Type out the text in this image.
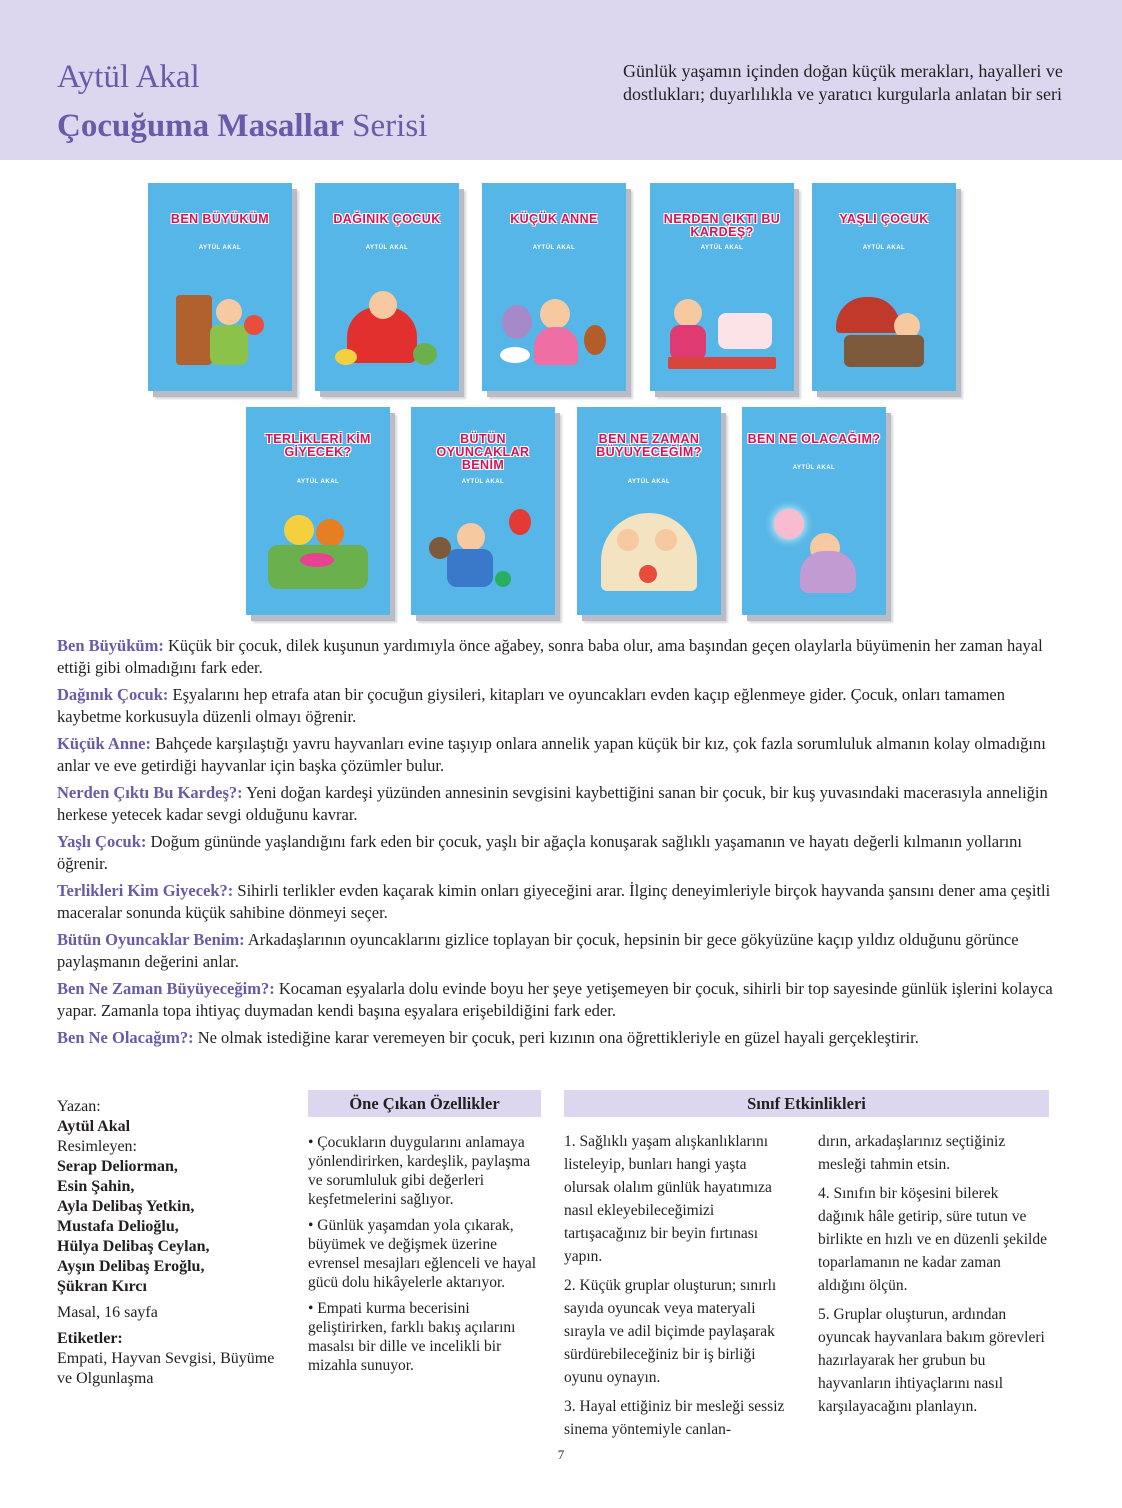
Aytül Akal
Çocuğuma Masallar Serisi
Günlük yaşamın içinden doğan küçük merakları, hayalleri ve dostlukları; duyarlılıkla ve yaratıcı kurgularla anlatan bir seri
BEN BÜYÜKÜM
AYTÜL AKAL
DAĞINIK ÇOCUK
AYTÜL AKAL
KÜÇÜK ANNE
AYTÜL AKAL
NERDEN ÇIKTI BU KARDEŞ?
AYTÜL AKAL
YAŞLI ÇOCUK
AYTÜL AKAL
TERLİKLERİ KİM GİYECEK?
AYTÜL AKAL
BÜTÜN OYUNCAKLAR BENİM
AYTÜL AKAL
BEN NE ZAMAN BÜYÜYECEĞİM?
AYTÜL AKAL
BEN NE OLACAĞIM?
AYTÜL AKAL

Ben Büyüküm: Küçük bir çocuk, dilek kuşunun yardımıyla önce ağabey, sonra baba olur, ama başından geçen olaylarla büyümenin her zaman hayal ettiği gibi olmadığını fark eder.

Dağınık Çocuk: Eşyalarını hep etrafa atan bir çocuğun giysileri, kitapları ve oyuncakları evden kaçıp eğlenmeye gider. Çocuk, onları tamamen kaybetme korkusuyla düzenli olmayı öğrenir.

Küçük Anne: Bahçede karşılaştığı yavru hayvanları evine taşıyıp onlara annelik yapan küçük bir kız, çok fazla sorumluluk almanın kolay olmadığını anlar ve eve getirdiği hayvanlar için başka çözümler bulur.

Nerden Çıktı Bu Kardeş?: Yeni doğan kardeşi yüzünden annesinin sevgisini kaybettiğini sanan bir çocuk, bir kuş yuvasındaki macerasıyla anneliğin herkese yetecek kadar sevgi olduğunu kavrar.

Yaşlı Çocuk: Doğum gününde yaşlandığını fark eden bir çocuk, yaşlı bir ağaçla konuşarak sağlıklı yaşamanın ve hayatı değerli kılmanın yollarını öğrenir.

Terlikleri Kim Giyecek?: Sihirli terlikler evden kaçarak kimin onları giyeceğini arar. İlginç deneyimleriyle birçok hayvanda şansını dener ama çeşitli maceralar sonunda küçük sahibine dönmeyi seçer.

Bütün Oyuncaklar Benim: Arkadaşlarının oyuncaklarını gizlice toplayan bir çocuk, hepsinin bir gece gökyüzüne kaçıp yıldız olduğunu görünce paylaşmanın değerini anlar.

Ben Ne Zaman Büyüyeceğim?: Kocaman eşyalarla dolu evinde boyu her şeye yetişemeyen bir çocuk, sihirli bir top sayesinde günlük işlerini kolayca yapar. Zamanla topa ihtiyaç duymadan kendi başına eşyalara erişebildiğini fark eder.

Ben Ne Olacağım?: Ne olmak istediğine karar veremeyen bir çocuk, peri kızının ona öğrettikleriyle en güzel hayali gerçekleştirir.

Yazan:
Aytül Akal
Resimleyen:
Serap Deliorman,
Esin Şahin,
Ayla Delibaş Yetkin,
Mustafa Delioğlu,
Hülya Delibaş Ceylan,
Ayşın Delibaş Eroğlu,
Şükran Kırcı
Masal, 16 sayfa
Etiketler:
Empati, Hayvan Sevgisi, Büyüme ve Olgunlaşma
Öne Çıkan Özellikler
• Çocukların duygularını anlamaya yönlendirirken, kardeşlik, paylaşma ve sorumluluk gibi değerleri keşfetmelerini sağlıyor.
• Günlük yaşamdan yola çıkarak, büyümek ve değişmek üzerine evrensel mesajları eğlenceli ve hayal gücü dolu hikâyelerle aktarıyor.
• Empati kurma becerisini geliştirirken, farklı bakış açılarını masalsı bir dille ve incelikli bir mizahla sunuyor.
Sınıf Etkinlikleri

1. Sağlıklı yaşam alışkanlıklarını listeleyip, bunları hangi yaşta olursak olalım günlük hayatımıza nasıl ekleyebileceğimizi tartışacağınız bir beyin fırtınası yapın.

2. Küçük gruplar oluşturun; sınırlı sayıda oyuncak veya materyali sırayla ve adil biçimde paylaşarak sürdürebileceğiniz bir iş birliği oyunu oynayın.

3. Hayal ettiğiniz bir mesleği sessiz sinema yöntemiyle canlan-

dırın, arkadaşlarınız seçtiğiniz mesleği tahmin etsin.

4. Sınıfın bir köşesini bilerek dağınık hâle getirip, süre tutun ve birlikte en hızlı ve en düzenli şekilde toparlamanın ne kadar zaman aldığını ölçün.

5. Gruplar oluşturun, ardından oyuncak hayvanlara bakım görevleri hazırlayarak her grubun bu hayvanların ihtiyaçlarını nasıl karşılayacağını planlayın.

7
